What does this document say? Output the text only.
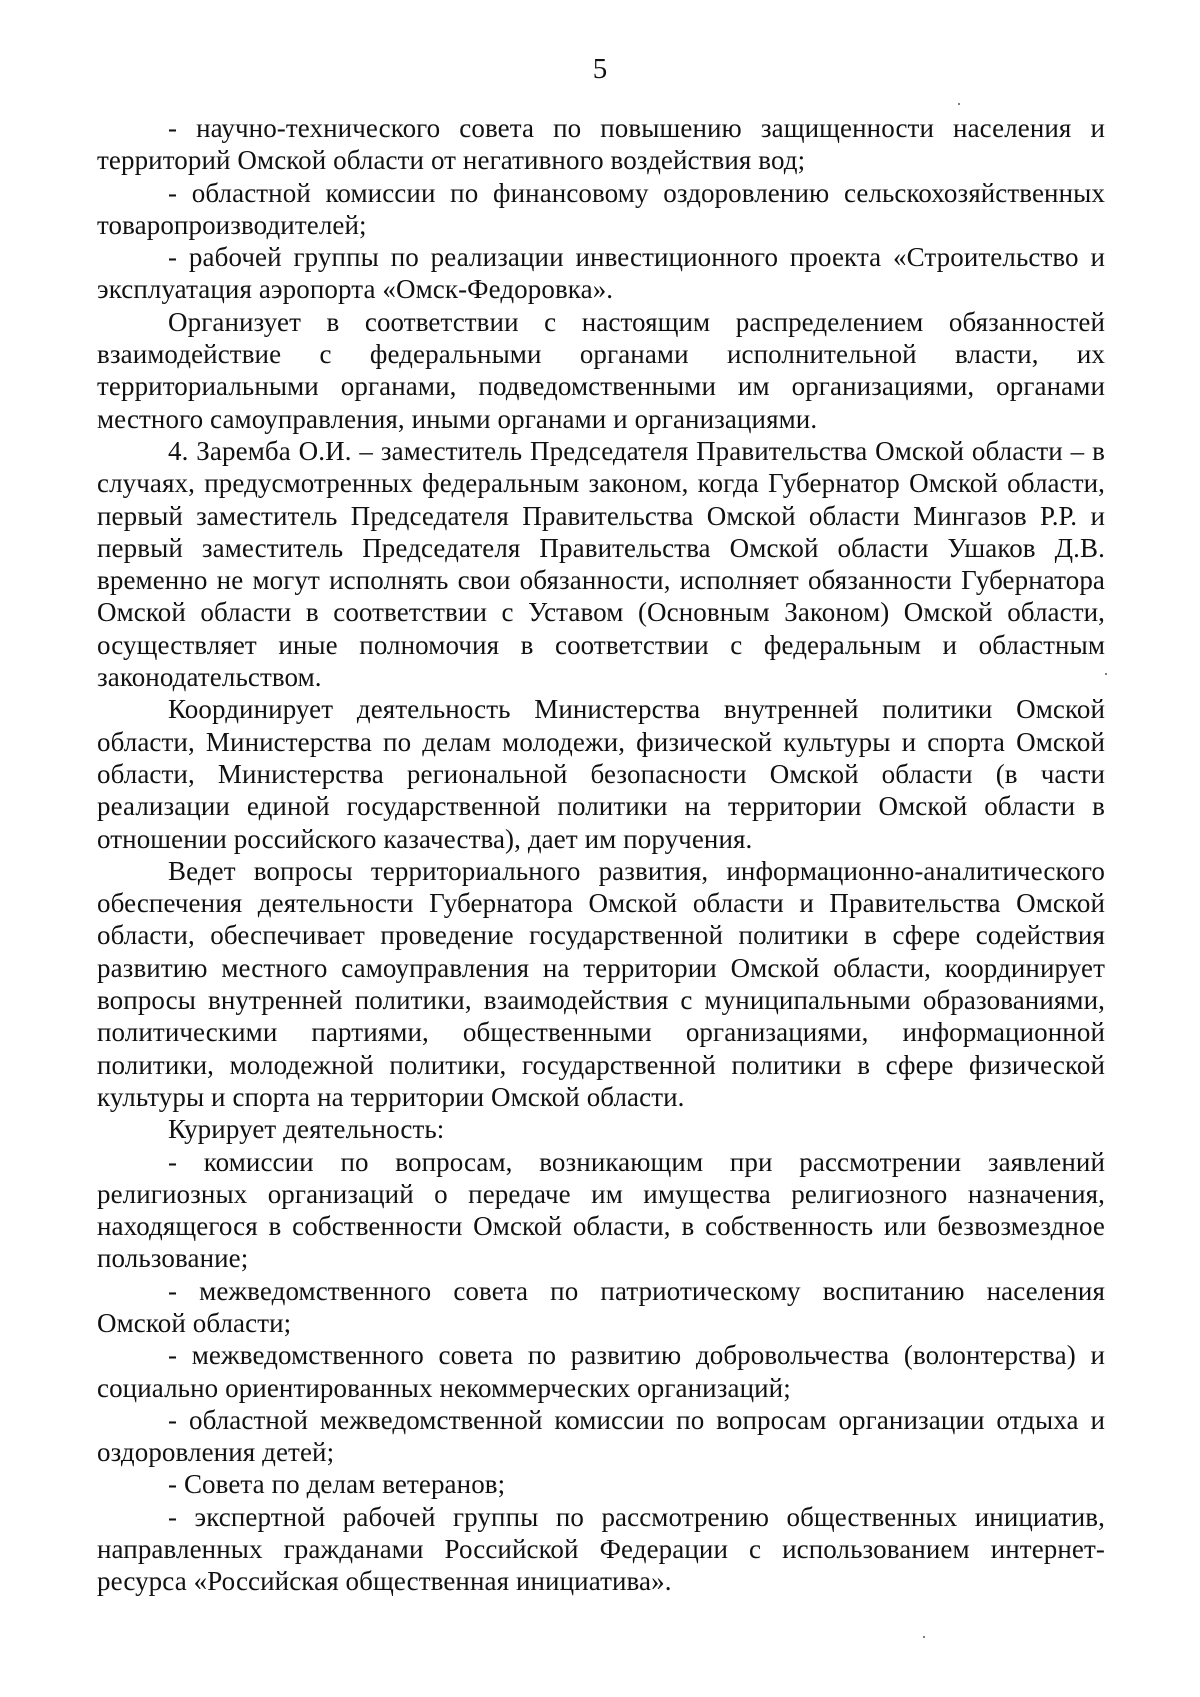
5

- научно-технического совета по повышению защищенности населения и территорий Омской области от негативного воздействия вод;

- областной комиссии по финансовому оздоровлению сельскохозяйственных товаропроизводителей;

- рабочей группы по реализации инвестиционного проекта «Строительство и эксплуатация аэропорта «Омск-Федоровка».

Организует в соответствии с настоящим распределением обязанностей взаимодействие с федеральными органами исполнительной власти, их территориальными органами, подведомственными им организациями, органами местного самоуправления, иными органами и организациями.

4. Заремба О.И. – заместитель Председателя Правительства Омской области – в случаях, предусмотренных федеральным законом, когда Губернатор Омской области, первый заместитель Председателя Правительства Омской области Мингазов Р.Р. и первый заместитель Председателя Правительства Омской области Ушаков Д.В. временно не могут исполнять свои обязанности, исполняет обязанности Губернатора Омской области в соответствии с Уставом (Основным Законом) Омской области, осуществляет иные полномочия в соответствии с федеральным и областным законодательством.

Координирует деятельность Министерства внутренней политики Омской области, Министерства по делам молодежи, физической культуры и спорта Омской области, Министерства региональной безопасности Омской области (в части реализации единой государственной политики на территории Омской области в отношении российского казачества), дает им поручения.

Ведет вопросы территориального развития, информационно-аналитического обеспечения деятельности Губернатора Омской области и Правительства Омской области, обеспечивает проведение государственной политики в сфере содействия развитию местного самоуправления на территории Омской области, координирует вопросы внутренней политики, взаимодействия с муниципальными образованиями, политическими партиями, общественными организациями, информационной политики, молодежной политики, государственной политики в сфере физической культуры и спорта на территории Омской области.

Курирует деятельность:

- комиссии по вопросам, возникающим при рассмотрении заявлений религиозных организаций о передаче им имущества религиозного назначения, находящегося в собственности Омской области, в собственность или безвозмездное пользование;

- межведомственного совета по патриотическому воспитанию населения Омской области;

- межведомственного совета по развитию добровольчества (волонтерства) и социально ориентированных некоммерческих организаций;

- областной межведомственной комиссии по вопросам организации отдыха и оздоровления детей;

- Совета по делам ветеранов;

- экспертной рабочей группы по рассмотрению общественных инициатив, направленных гражданами Российской Федерации с использованием интернет-ресурса «Российская общественная инициатива».
